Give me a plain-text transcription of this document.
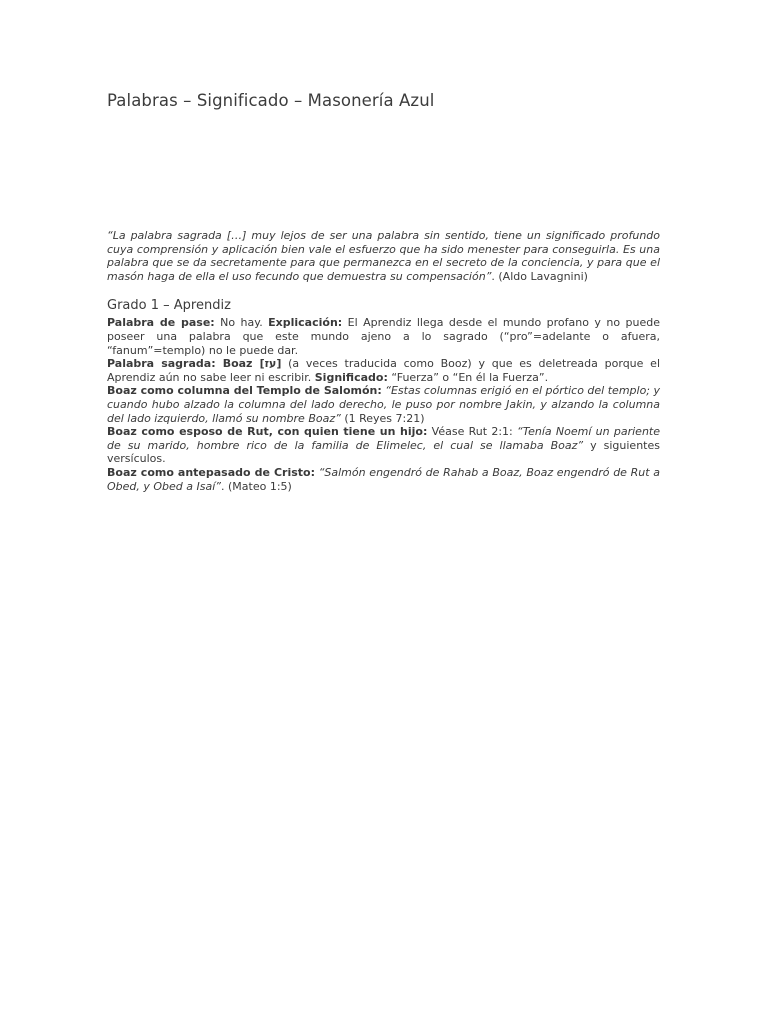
Palabras – Significado – Masonería Azul
“La palabra sagrada […] muy lejos de ser una palabra sin sentido, tiene un significado profundo cuya comprensión y aplicación bien vale el esfuerzo que ha sido menester para conseguirla. Es una palabra que se da secretamente para que permanezca en el secreto de la conciencia, y para que el masón haga de ella el uso fecundo que demuestra su compensación”. (Aldo Lavagnini)
Grado 1 – Aprendiz

Palabra de pase: No hay. Explicación: El Aprendiz llega desde el mundo profano y no puede poseer una palabra que este mundo ajeno a lo sagrado (“pro”=adelante o afuera, “fanum”=templo) no le puede dar.

Palabra sagrada: Boaz [עז] (a veces traducida como Booz) y que es deletreada porque el Aprendiz aún no sabe leer ni escribir. Significado: “Fuerza” o “En él la Fuerza”.

Boaz como columna del Templo de Salomón: “Estas columnas erigió en el pórtico del templo; y cuando hubo alzado la columna del lado derecho, le puso por nombre Jakin, y alzando la columna del lado izquierdo, llamó su nombre Boaz” (1 Reyes 7:21)

Boaz como esposo de Rut, con quien tiene un hijo: Véase Rut 2:1: “Tenía Noemí un pariente de su marido, hombre rico de la familia de Elimelec, el cual se llamaba Boaz” y siguientes versículos.

Boaz como antepasado de Cristo: “Salmón engendró de Rahab a Boaz, Boaz engendró de Rut a Obed, y Obed a Isaí”. (Mateo 1:5)
